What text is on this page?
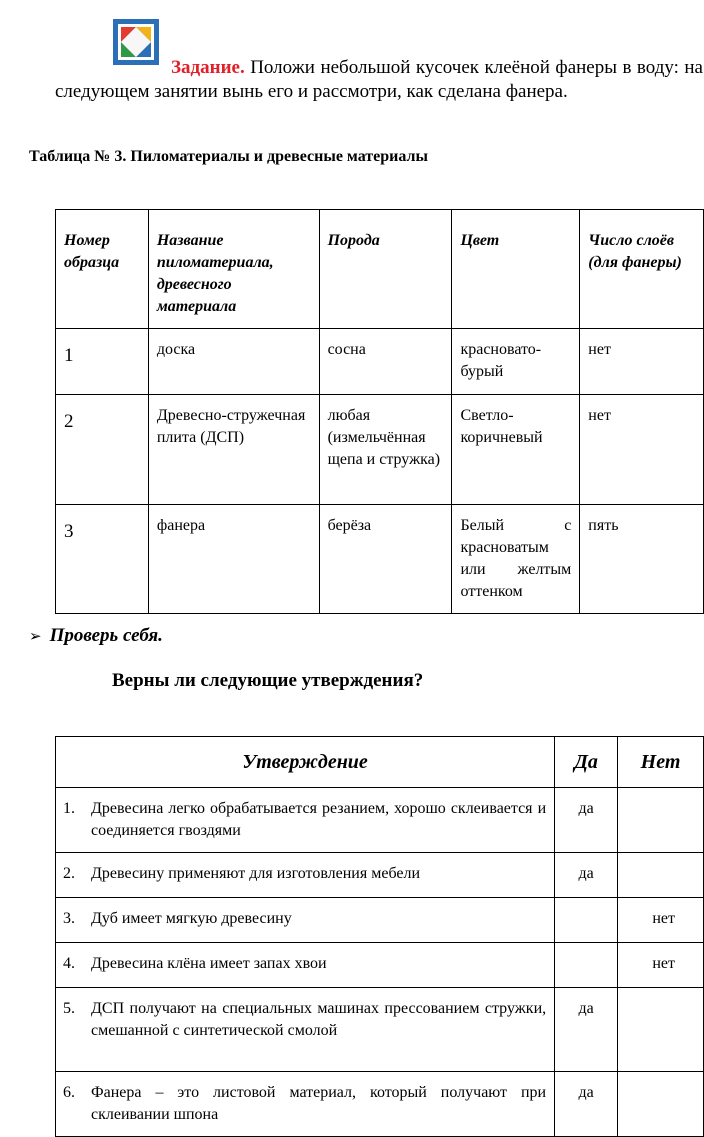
Задание. Положи небольшой кусочек клеёной фанеры в воду: на следующем занятии вынь его и рассмотри, как сделана фанера.
Таблица № 3. Пиломатериалы и древесные материалы
Номер образца	Название пиломатериала, древесного материала	Порода	Цвет	Число слоёв (для фанеры)
1	доска	сосна	красновато-бурый	нет
2	Древесно-стружечная плита (ДСП)	любая (измельчённая щепа и стружка)	Светло-коричневый	нет
3	фанера	берёза	Белый с красноватым или желтым оттенком	пять
➢ Проверь себя.
Верны ли следующие утверждения?
Утверждение	Да	Нет
1. Древесина легко обрабатывается резанием, хорошо склеивается и соединяется гвоздями	да	
2. Древесину применяют для изготовления мебели	да	
3. Дуб имеет мягкую древесину		нет
4. Древесина клёна имеет запах хвои		нет
5. ДСП получают на специальных машинах прессованием стружки, смешанной с синтетической смолой	да	
6. Фанера – это листовой материал, который получают при склеивании шпона	да	
